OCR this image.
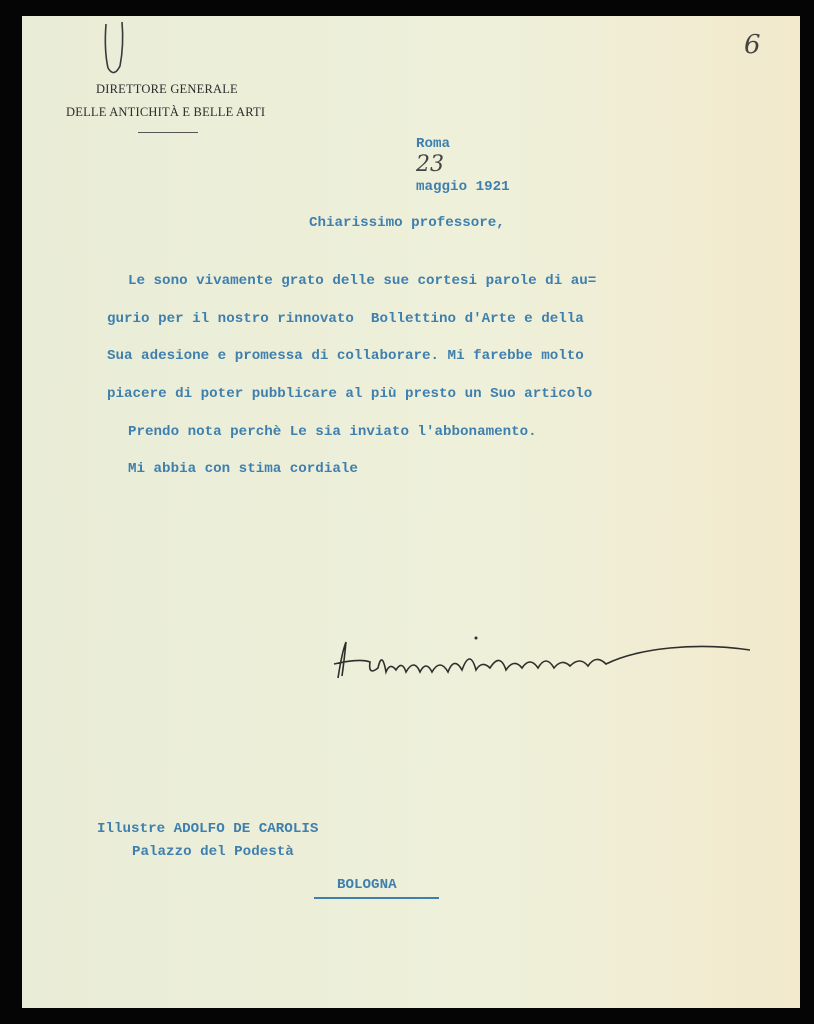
6
DIRETTORE GENERALE
DELLE ANTICHITÀ E BELLE ARTI

Roma
23
maggio 1921

Chiarissimo professore,
Le sono vivamente grato delle sue cortesi parole di au=
gurio per il nostro rinnovato  Bollettino d'Arte e della
Sua adesione e promessa di collaborare. Mi farebbe molto
piacere di poter pubblicare al più presto un Suo articolo
Prendo nota perchè Le sia inviato l'abbonamento.
Mi abbia con stima cordiale

Illustre ADOLFO DE CAROLIS
Palazzo del Podestà
BOLOGNA
